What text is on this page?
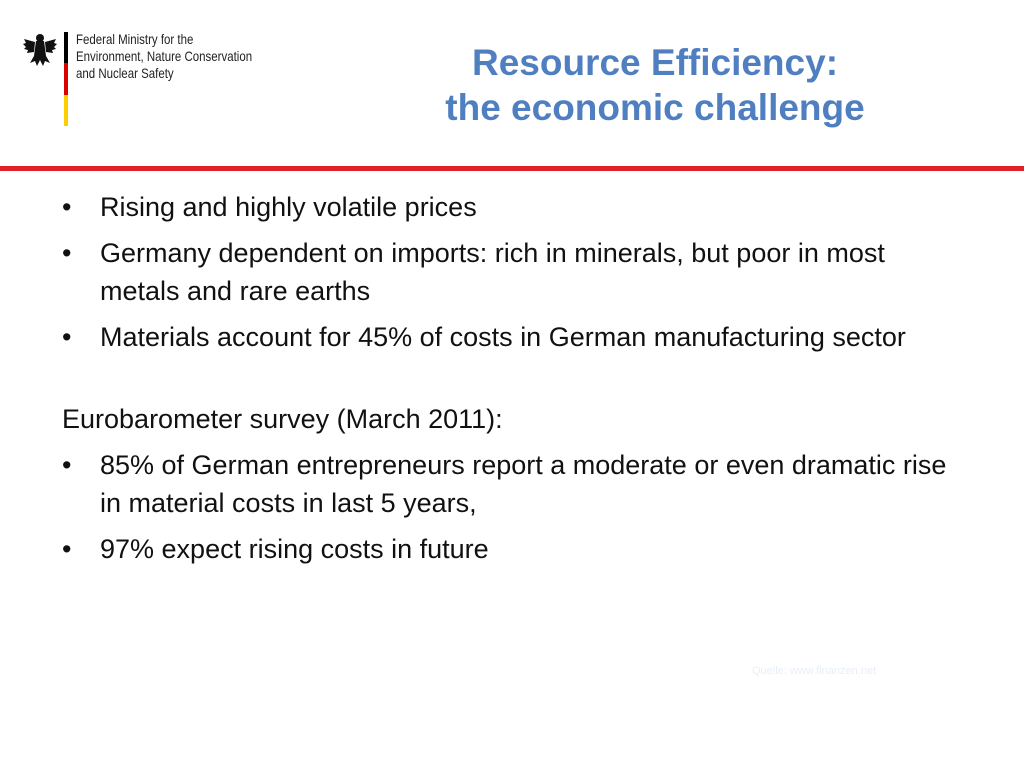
Federal Ministry for the
Environment, Nature Conservation
and Nuclear Safety	Resource Efficiency:
the economic challenge
• Rising and highly volatile prices
• Germany dependent on imports: rich in minerals, but poor in most metals and rare earths
• Materials account for 45% of costs in German manufacturing sector
Eurobarometer survey (March 2011):
• 85% of German entrepreneurs report a moderate or even dramatic rise in material costs in last 5 years,
• 97% expect rising costs in future
Quelle: www.finanzen.net
